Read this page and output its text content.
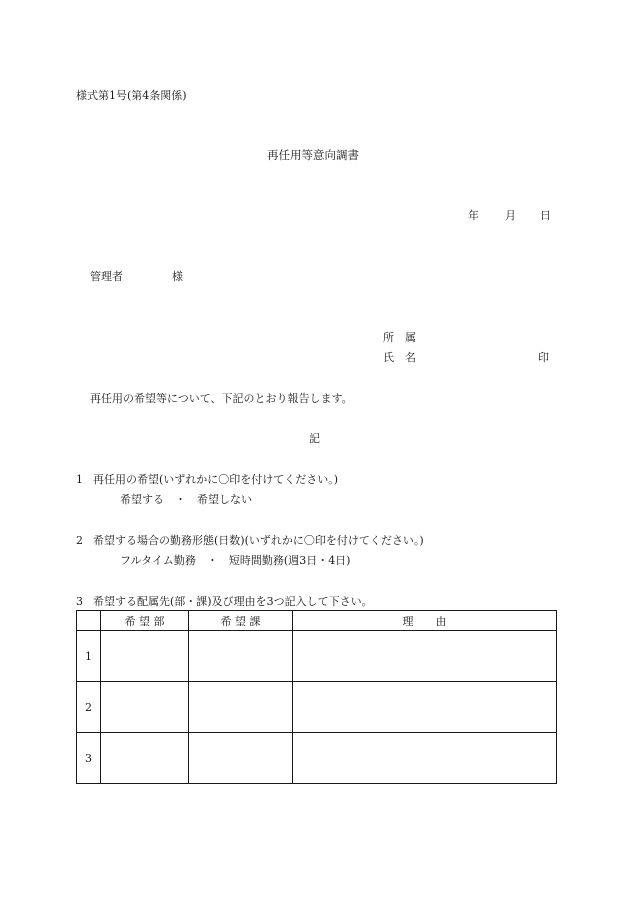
様式第1号(第4条関係)
再任用等意向調書
年 月 日
管理者	様
所　属
氏　名	印
再任用の希望等について、下記のとおり報告します。
記
1 再任用の希望(いずれかに〇印を付けてください。)
希望する　・　希望しない
2 希望する場合の勤務形態(日数)(いずれかに〇印を付けてください。)
フルタイム勤務　・　短時間勤務(週3日・4日)
3 希望する配属先(部・課)及び理由を3つ記入して下さい。
	希 望 部	希 望 課	理　　由
1			
2			
3			
